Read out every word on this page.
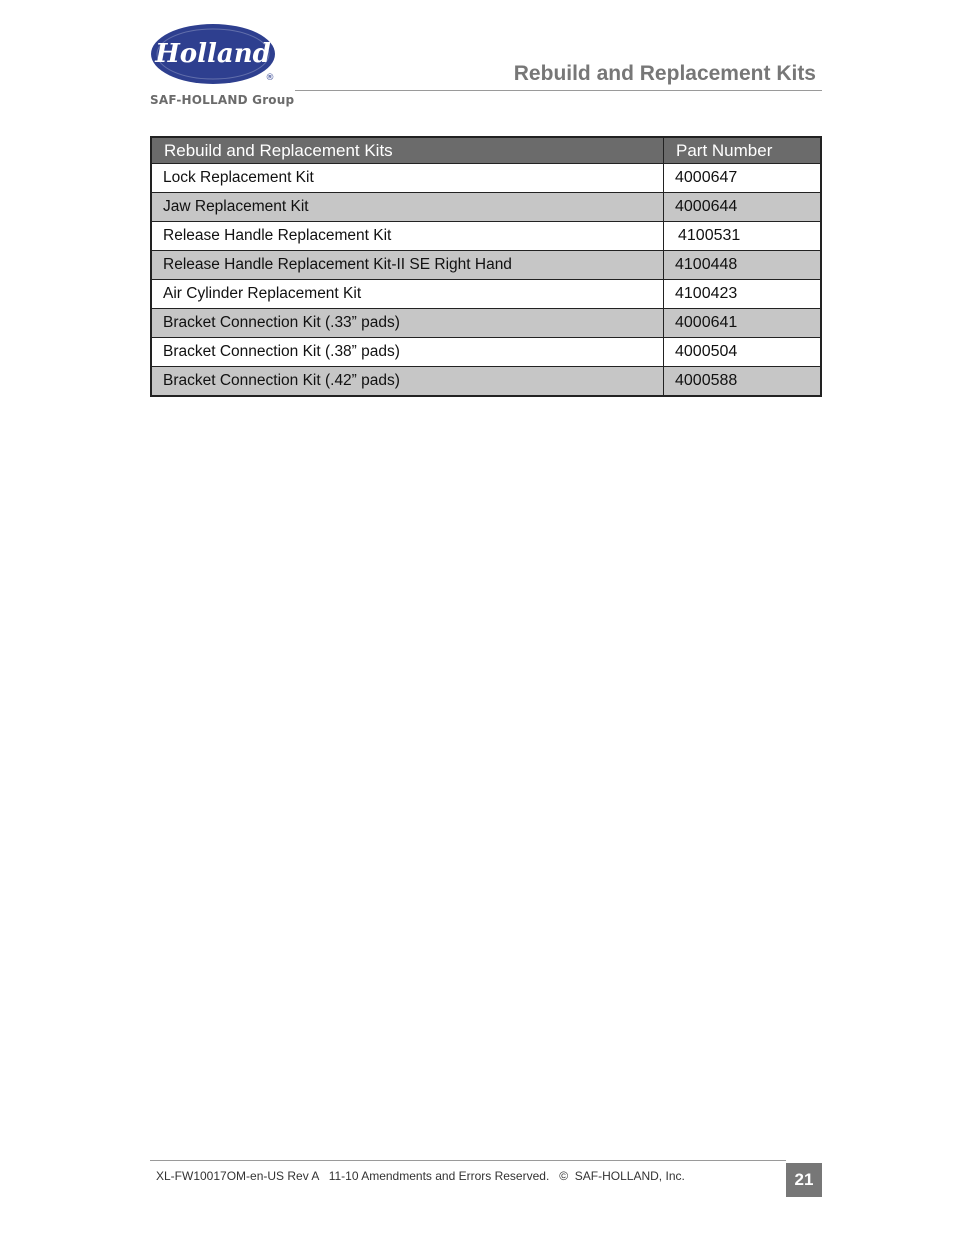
Holland
®
SAF-HOLLAND Group
Rebuild and Replacement Kits
Rebuild and Replacement Kits	Part Number
Lock Replacement Kit	4000647
Jaw Replacement Kit	4000644
Release Handle Replacement Kit	4100531
Release Handle Replacement Kit-II SE Right Hand	4100448
Air Cylinder Replacement Kit	4100423
Bracket Connection Kit (.33” pads)	4000641
Bracket Connection Kit (.38” pads)	4000504
Bracket Connection Kit (.42” pads)	4000588
XL-FW10017OM-en-US Rev A   11-10 Amendments and Errors Reserved.   ©  SAF-HOLLAND, Inc.	21
